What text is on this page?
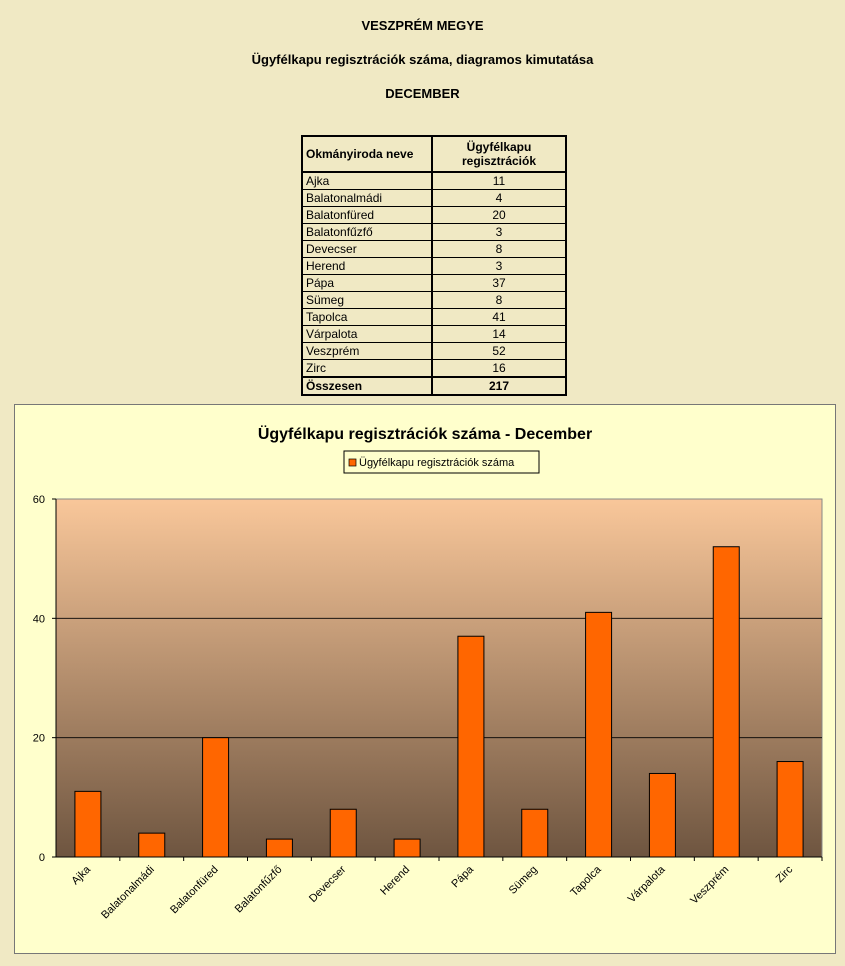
VESZPRÉM MEGYE
Ügyfélkapu regisztrációk száma, diagramos kimutatása
DECEMBER
Okmányiroda neve	Ügyfélkapu
regisztrációk
Ajka	11
Balatonalmádi	4
Balatonfüred	20
Balatonfűzfő	3
Devecser	8
Herend	3
Pápa	37
Sümeg	8
Tapolca	41
Várpalota	14
Veszprém	52
Zirc	16
Összesen	217
Ügyfélkapu regisztrációk száma - December
Ügyfélkapu regisztrációk száma
0
20
40
60
Ajka Balatonalmádi Balatonfüred Balatonfűzfő Devecser	Herend	Pápa	Sümeg	Tapolca Várpalota Veszprém	Zirc
